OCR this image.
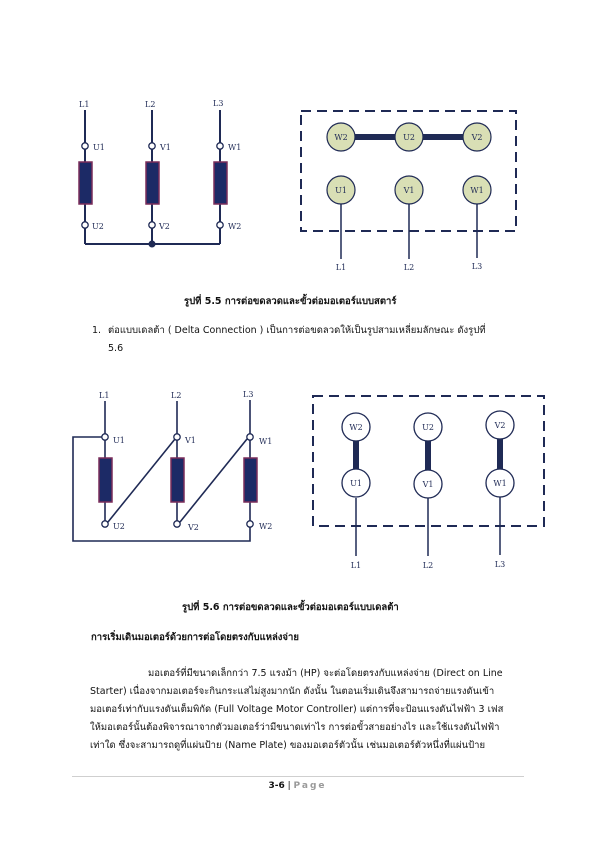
L1	L2	L3
U1	V1	W1
U2	V2	W2
W2	U2	V2
U1	V1	W1
L1	L2	L3
L1	L2	L3
U1	V1	W1
U2	V2	W2
W2	U2	V2
U1	V1	W1
L1	L2	L3
รูปที่ 5.5 การต่อขดลวดและขั้วต่อมอเตอร์แบบสตาร์
1. ต่อแบบเดลต้า ( Delta Connection ) เป็นการต่อขดลวดให้เป็นรูปสามเหลี่ยมลักษณะ ดังรูปที่
5.6
รูปที่ 5.6 การต่อขดลวดและขั้วต่อมอเตอร์แบบเดลต้า
การเริ่มเดินมอเตอร์ด้วยการต่อโดยตรงกับแหล่งจ่าย
มอเตอร์ที่มีขนาดเล็กกว่า 7.5 แรงม้า (HP) จะต่อโดยตรงกับแหล่งจ่าย (Direct on Line
Starter) เนื่องจากมอเตอร์จะกินกระแสไม่สูงมากนัก ดังนั้น ในตอนเริ่มเดินจึงสามารถจ่ายแรงดันเข้า
มอเตอร์เท่ากับแรงดันเต็มพิกัด (Full Voltage Motor Controller) แต่การที่จะป้อนแรงดันไฟฟ้า 3 เฟส
ให้มอเตอร์นั้นต้องพิจารณาจากตัวมอเตอร์ว่ามีขนาดเท่าไร การต่อขั้วสายอย่างไร และใช้แรงดันไฟฟ้า
เท่าใด ซึ่งจะสามารถดูที่แผ่นป้าย (Name Plate) ของมอเตอร์ตัวนั้น เช่นมอเตอร์ตัวหนึ่งที่แผ่นป้าย
3-6 | Page
